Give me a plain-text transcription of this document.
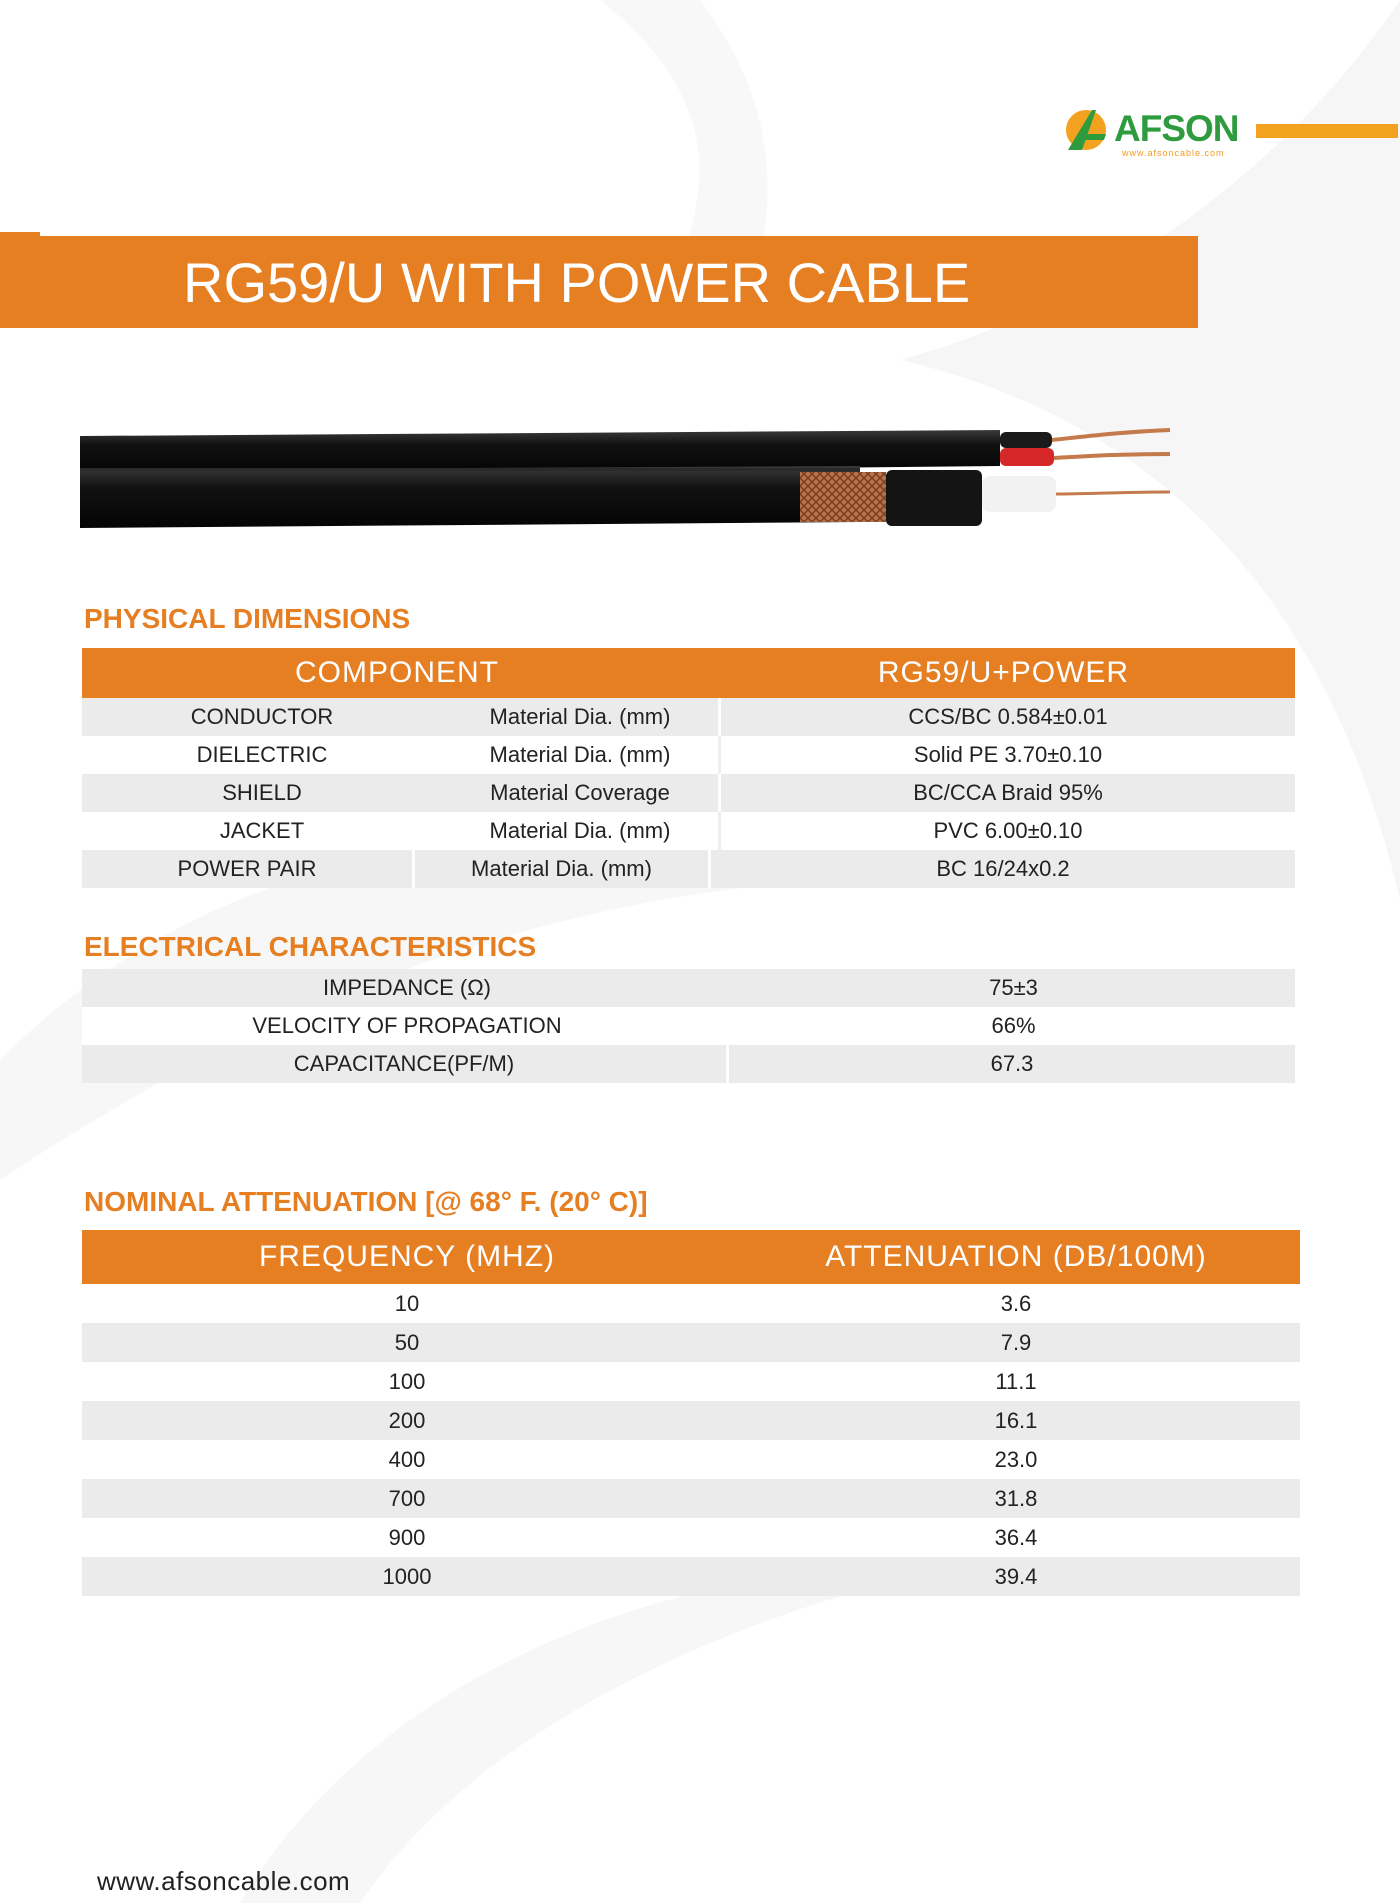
AFSON
www.afsoncable.com
RG59/U WITH POWER CABLE
PHYSICAL DIMENSIONS
COMPONENT	RG59/U+POWER
CONDUCTOR	Material Dia. (mm)	CCS/BC 0.584±0.01
DIELECTRIC	Material Dia. (mm)	Solid PE 3.70±0.10
SHIELD	Material Coverage	BC/CCA Braid 95%
JACKET	Material Dia. (mm)	PVC 6.00±0.10
POWER PAIR	Material Dia. (mm)	BC 16/24x0.2
ELECTRICAL CHARACTERISTICS
IMPEDANCE (Ω)	75±3
VELOCITY OF PROPAGATION	66%
CAPACITANCE(PF/M)	67.3
NOMINAL ATTENUATION [@ 68° F. (20° C)]
FREQUENCY (MHZ)	ATTENUATION (DB/100M)
10	3.6
50	7.9
100	11.1
200	16.1
400	23.0
700	31.8
900	36.4
1000	39.4
www.afsoncable.com
